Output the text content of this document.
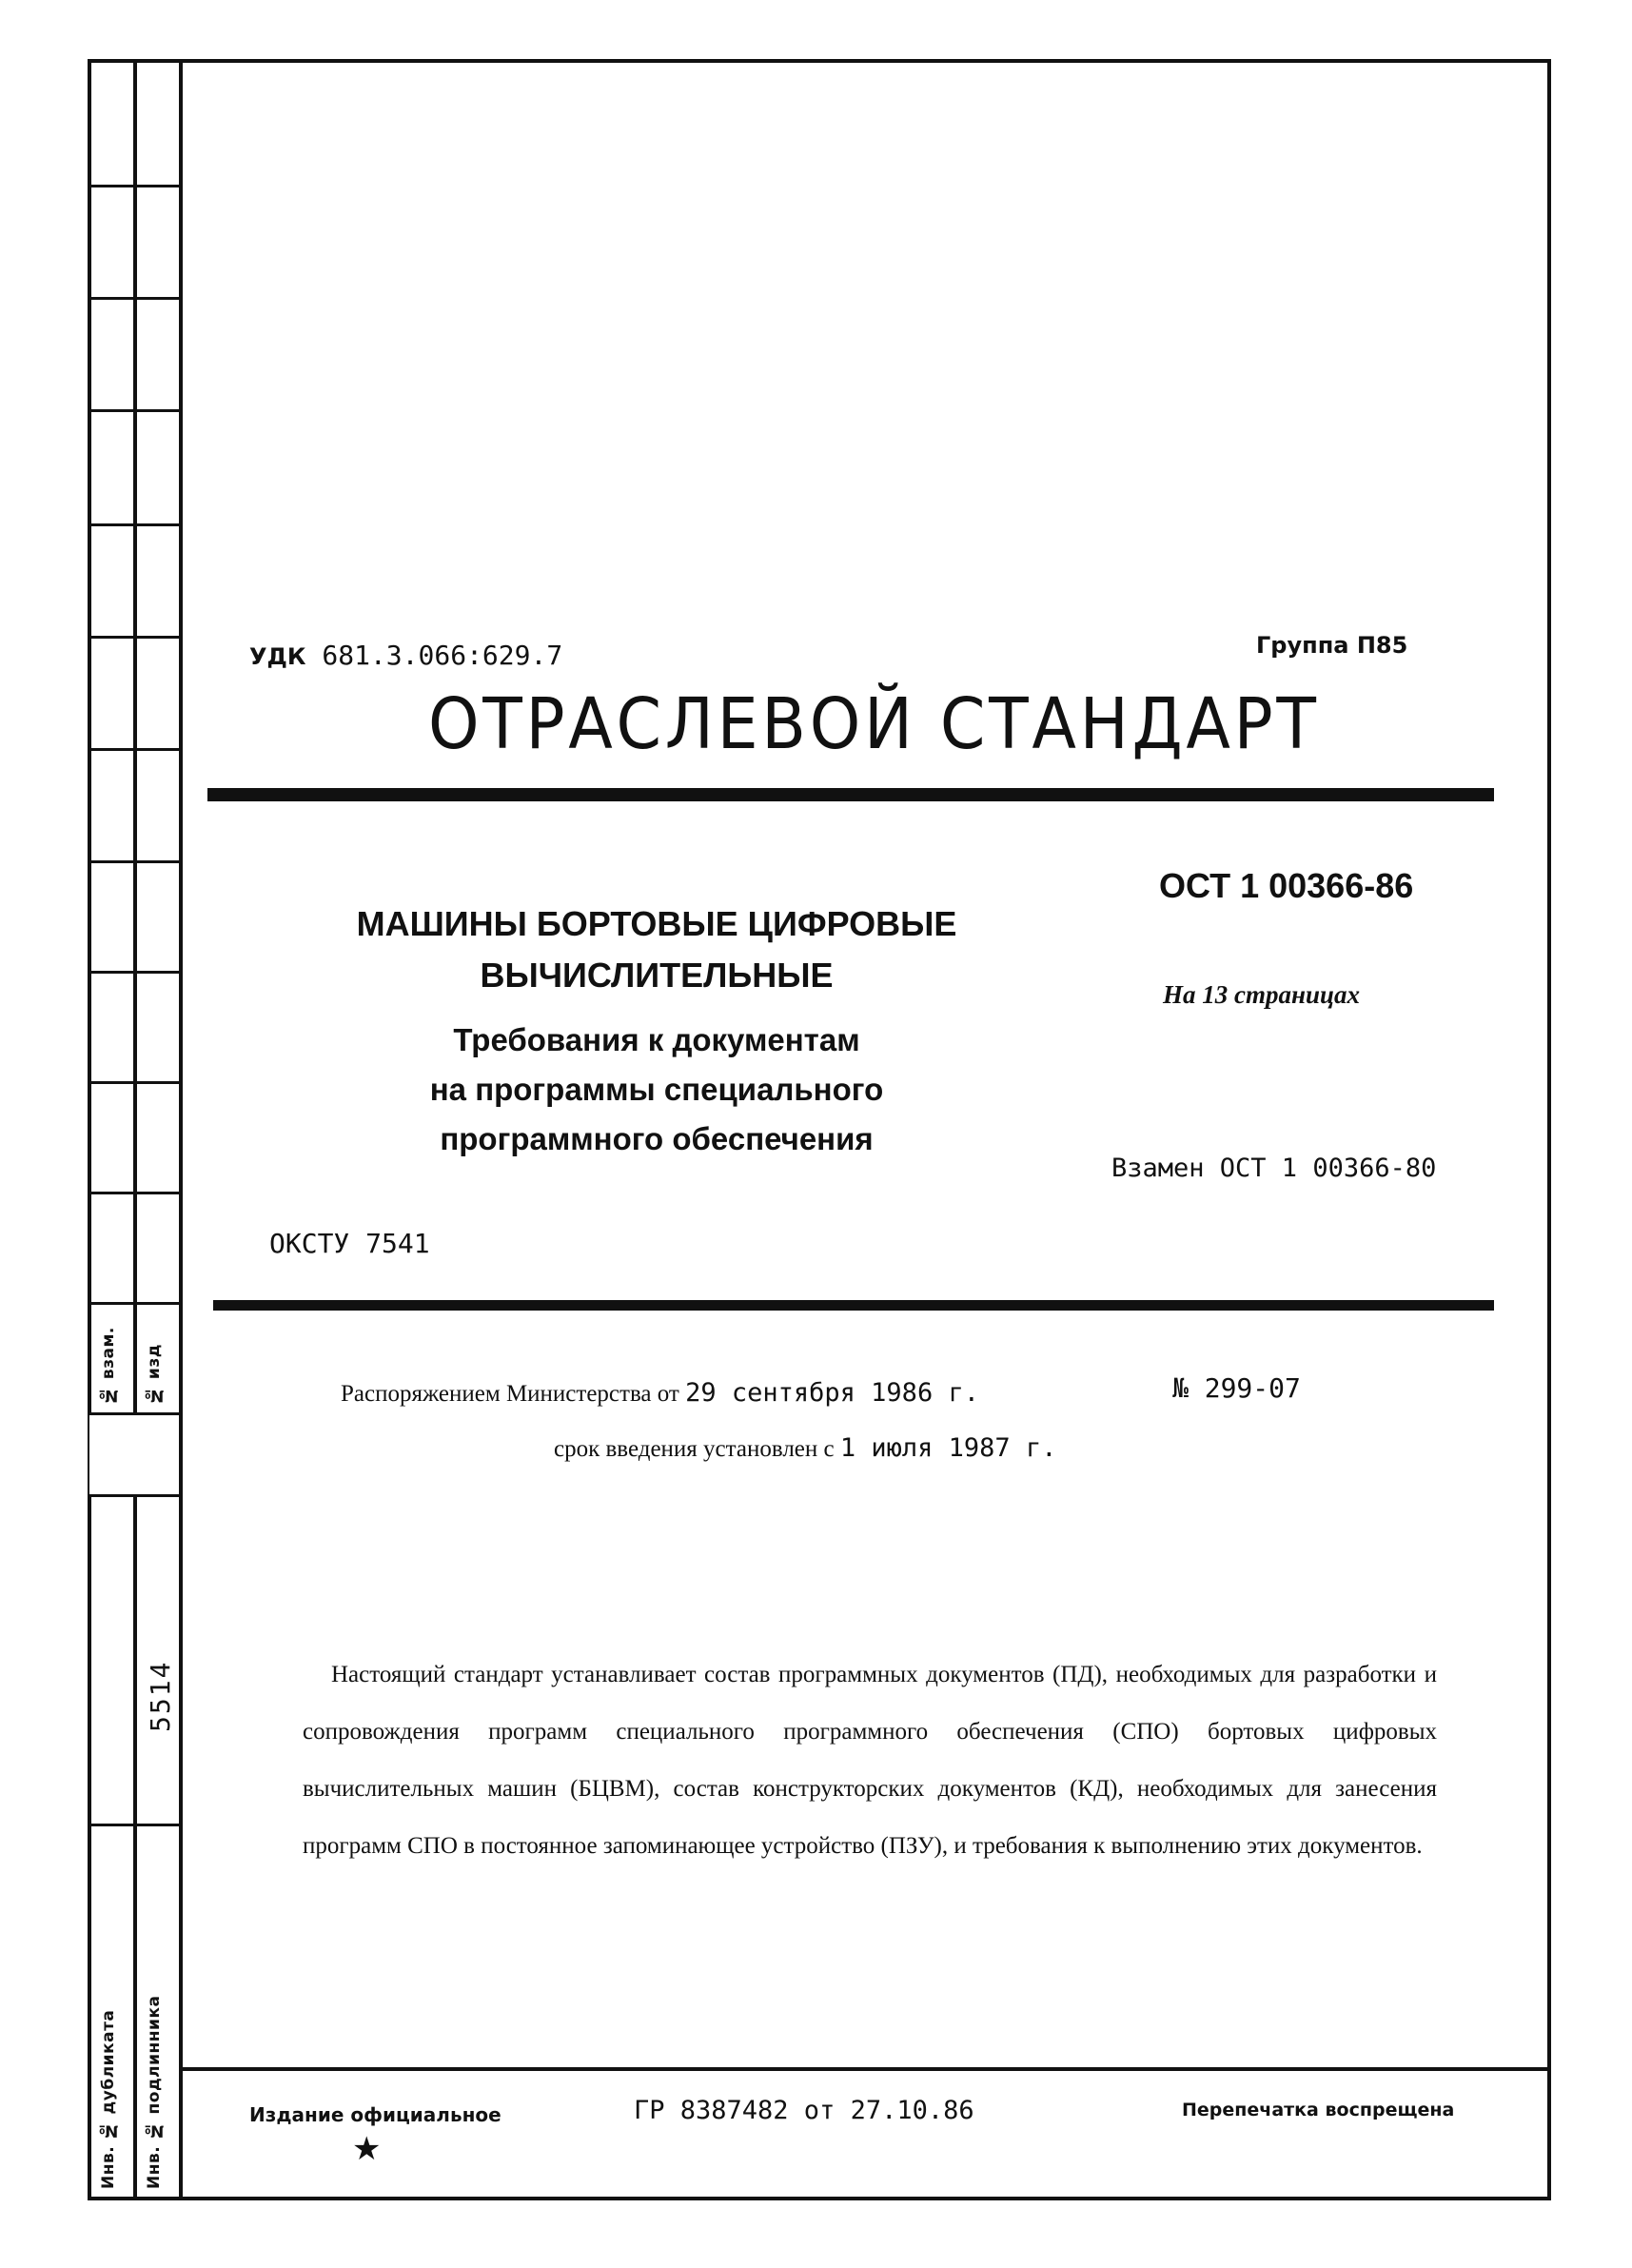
№ взам. № изд
5514
Инв. № дубликата Инв. № подлинника
УДК 681.3.066:629.7	Группа П85
ОТРАСЛЕВОЙ СТАНДАРТ
ОСТ 1 00366-86
МАШИНЫ БОРТОВЫЕ ЦИФРОВЫЕ
ВЫЧИСЛИТЕЛЬНЫЕ	На 13 страницах
Требования к документам
на программы специального
программного обеспечения
Взамен ОСТ 1 00366-80
ОКСТУ 7541
Распоряжением Министерства от 29 сентября 1986 г.	№ 299-07
срок введения установлен с 1 июля 1987 г.
Настоящий стандарт устанавливает состав программных документов (ПД), необходимых для разработки и сопровождения программ специального программного обеспечения (СПО) бортовых цифровых вычислительных машин (БЦВМ), состав конструкторских документов (КД), необходимых для занесения программ СПО в постоянное запоминающее устройство (ПЗУ), и требования к выполнению этих документов.
Издание официальное
★
ГР 8387482 от 27.10.86	Перепечатка воспрещена
